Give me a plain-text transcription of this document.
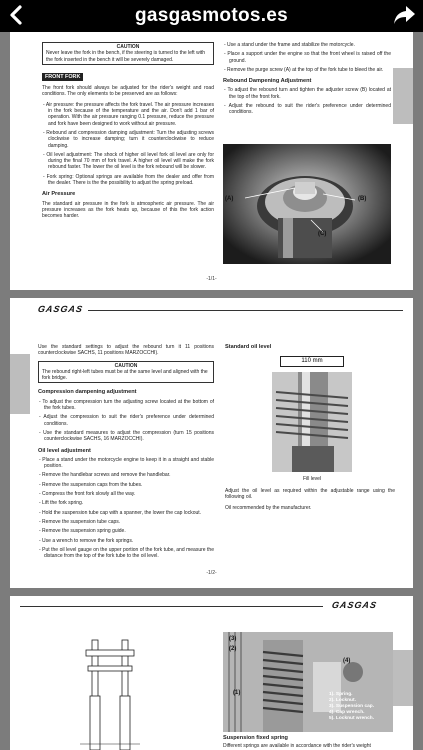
gasgasmotos.es
CAUTION
Never leave the fork in the bench, if the steering is turned to the left with the fork inserted in the bench it will be severely damaged.
FRONT FORK
The front fork should always be adjusted for the rider's weight and road conditions. The only elements to be preserved are as follows:
- Air pressure: the pressure affects the fork travel. The air pressure increases in the fork because of the temperature and the air. Don't add 1 bar of operation. With the air pressure ranging 0.1 pressure, reduce the pressure and fork have been designed to work without air pressure.
- Rebound and compression damping adjustment: Turn the adjusting screws clockwise to increase damping; turn it counterclockwise to reduce damping.
- Oil level adjustment: The shock of higher oil level fork oil level are only for during the final 70 mm of fork travel. A higher oil level will make the fork rebound faster. The lower the oil level is the fork rebound will be slower.
- Fork spring: Optional springs are available from the dealer and offer from the dealer. There is the the possibility to adjust the spring preload.
Air Pressure
The standard air pressure in the fork is atmospheric air pressure. The air pressure increases as the fork heats up, because of this the fork action becomes harder.
- Use a stand under the frame and stabilize the motorcycle.
- Place a support under the engine so that the front wheel is raised off the ground.
- Remove the purge screw (A) at the top of the fork tube to bleed the air.
Rebound Dampening Adjustment
- To adjust the rebound turn and tighten the adjuster screw (B) located at the top of the front fork.
- Adjust the rebound to suit the rider's preference under determined conditions.
(A)	(B)
(C)
-1/1-
GASGAS
Use the standard settings to adjust the rebound turn it 11 positions counterclockwise SACHS, 11 positions MARZOCCHI).
CAUTION
The rebound right-left tubes must be at the same level and aligned with the fork bridge.
Compression dampening adjustment
- To adjust the compression turn the adjusting screw located at the bottom of the fork tubes.
- Adjust the compression to suit the rider's preference under determined conditions.
- Use the standard measures to adjust the compression (turn 15 positions counterclockwise SACHS, 16 MARZOCCHI).
Oil level adjustment
- Place a stand under the motorcycle engine to keep it in a straight and stable position.
- Remove the handlebar screws and remove the handlebar.
- Remove the suspension caps from the tubes.
- Compress the front fork slowly all the way.
- Lift the fork spring.
- Hold the suspension tube cap with a spanner, the lower the cap lockout.
- Remove the suspension tube caps.
- Remove the suspension spring guide.
- Use a wrench to remove the fork springs.
- Put the oil level gauge on the upper portion of the fork tube, and measure the distance from the top of the fork tube to the oil level.
Standard oil level
110 mm
Fill level
Adjust the oil level as required within the adjustable range using the following oil.
Oil recommended by the manufacturer.
-1/2-
GASGAS
(3)
(2)
(4)
(1)	1). Spring.
2). Locknut.
3). Suspension cap.
4). Cap wrench.
5). Locknut wrench.
Suspension fixed spring
Different springs are available in accordance with the rider's weight
